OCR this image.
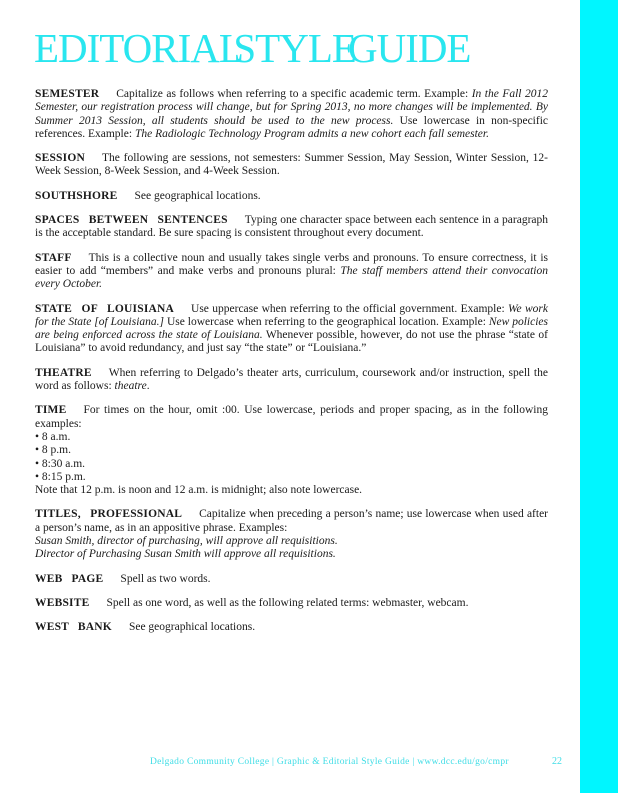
EDITORIAL STYLE GUIDE
SEMESTER Capitalize as follows when referring to a specific academic term. Example: In the Fall 2012 Semester, our registration process will change, but for Spring 2013, no more changes will be implemented. By Summer 2013 Session, all students should be used to the new process. Use lowercase in non-specific references. Example: The Radiologic Technology Program admits a new cohort each fall semester.
SESSION The following are sessions, not semesters: Summer Session, May Session, Winter Session, 12-Week Session, 8-Week Session, and 4-Week Session.
SOUTHSHORE See geographical locations.
SPACES BETWEEN SENTENCES Typing one character space between each sentence in a paragraph is the acceptable standard. Be sure spacing is consistent throughout every document.
STAFF This is a collective noun and usually takes single verbs and pronouns. To ensure correctness, it is easier to add “members” and make verbs and pronouns plural: The staff members attend their convocation every October.
STATE OF LOUISIANA Use uppercase when referring to the official government. Example: We work for the State [of Louisiana.] Use lowercase when referring to the geographical location. Example: New policies are being enforced across the state of Louisiana. Whenever possible, however, do not use the phrase “state of Louisiana” to avoid redundancy, and just say “the state” or “Louisiana.”
THEATRE When referring to Delgado’s theater arts, curriculum, coursework and/or instruction, spell the word as follows: theatre.
TIME For times on the hour, omit :00. Use lowercase, periods and proper spacing, as in the following examples:
• 8 a.m.
• 8 p.m.
• 8:30 a.m.
• 8:15 p.m.
Note that 12 p.m. is noon and 12 a.m. is midnight; also note lowercase.
TITLES, PROFESSIONAL Capitalize when preceding a person’s name; use lowercase when used after a person’s name, as in an appositive phrase. Examples:
Susan Smith, director of purchasing, will approve all requisitions.
Director of Purchasing Susan Smith will approve all requisitions.
WEB PAGE Spell as two words.
WEBSITE Spell as one word, as well as the following related terms: webmaster, webcam.
WEST BANK See geographical locations.
Delgado Community College | Graphic & Editorial Style Guide | www.dcc.edu/go/cmpr	22
